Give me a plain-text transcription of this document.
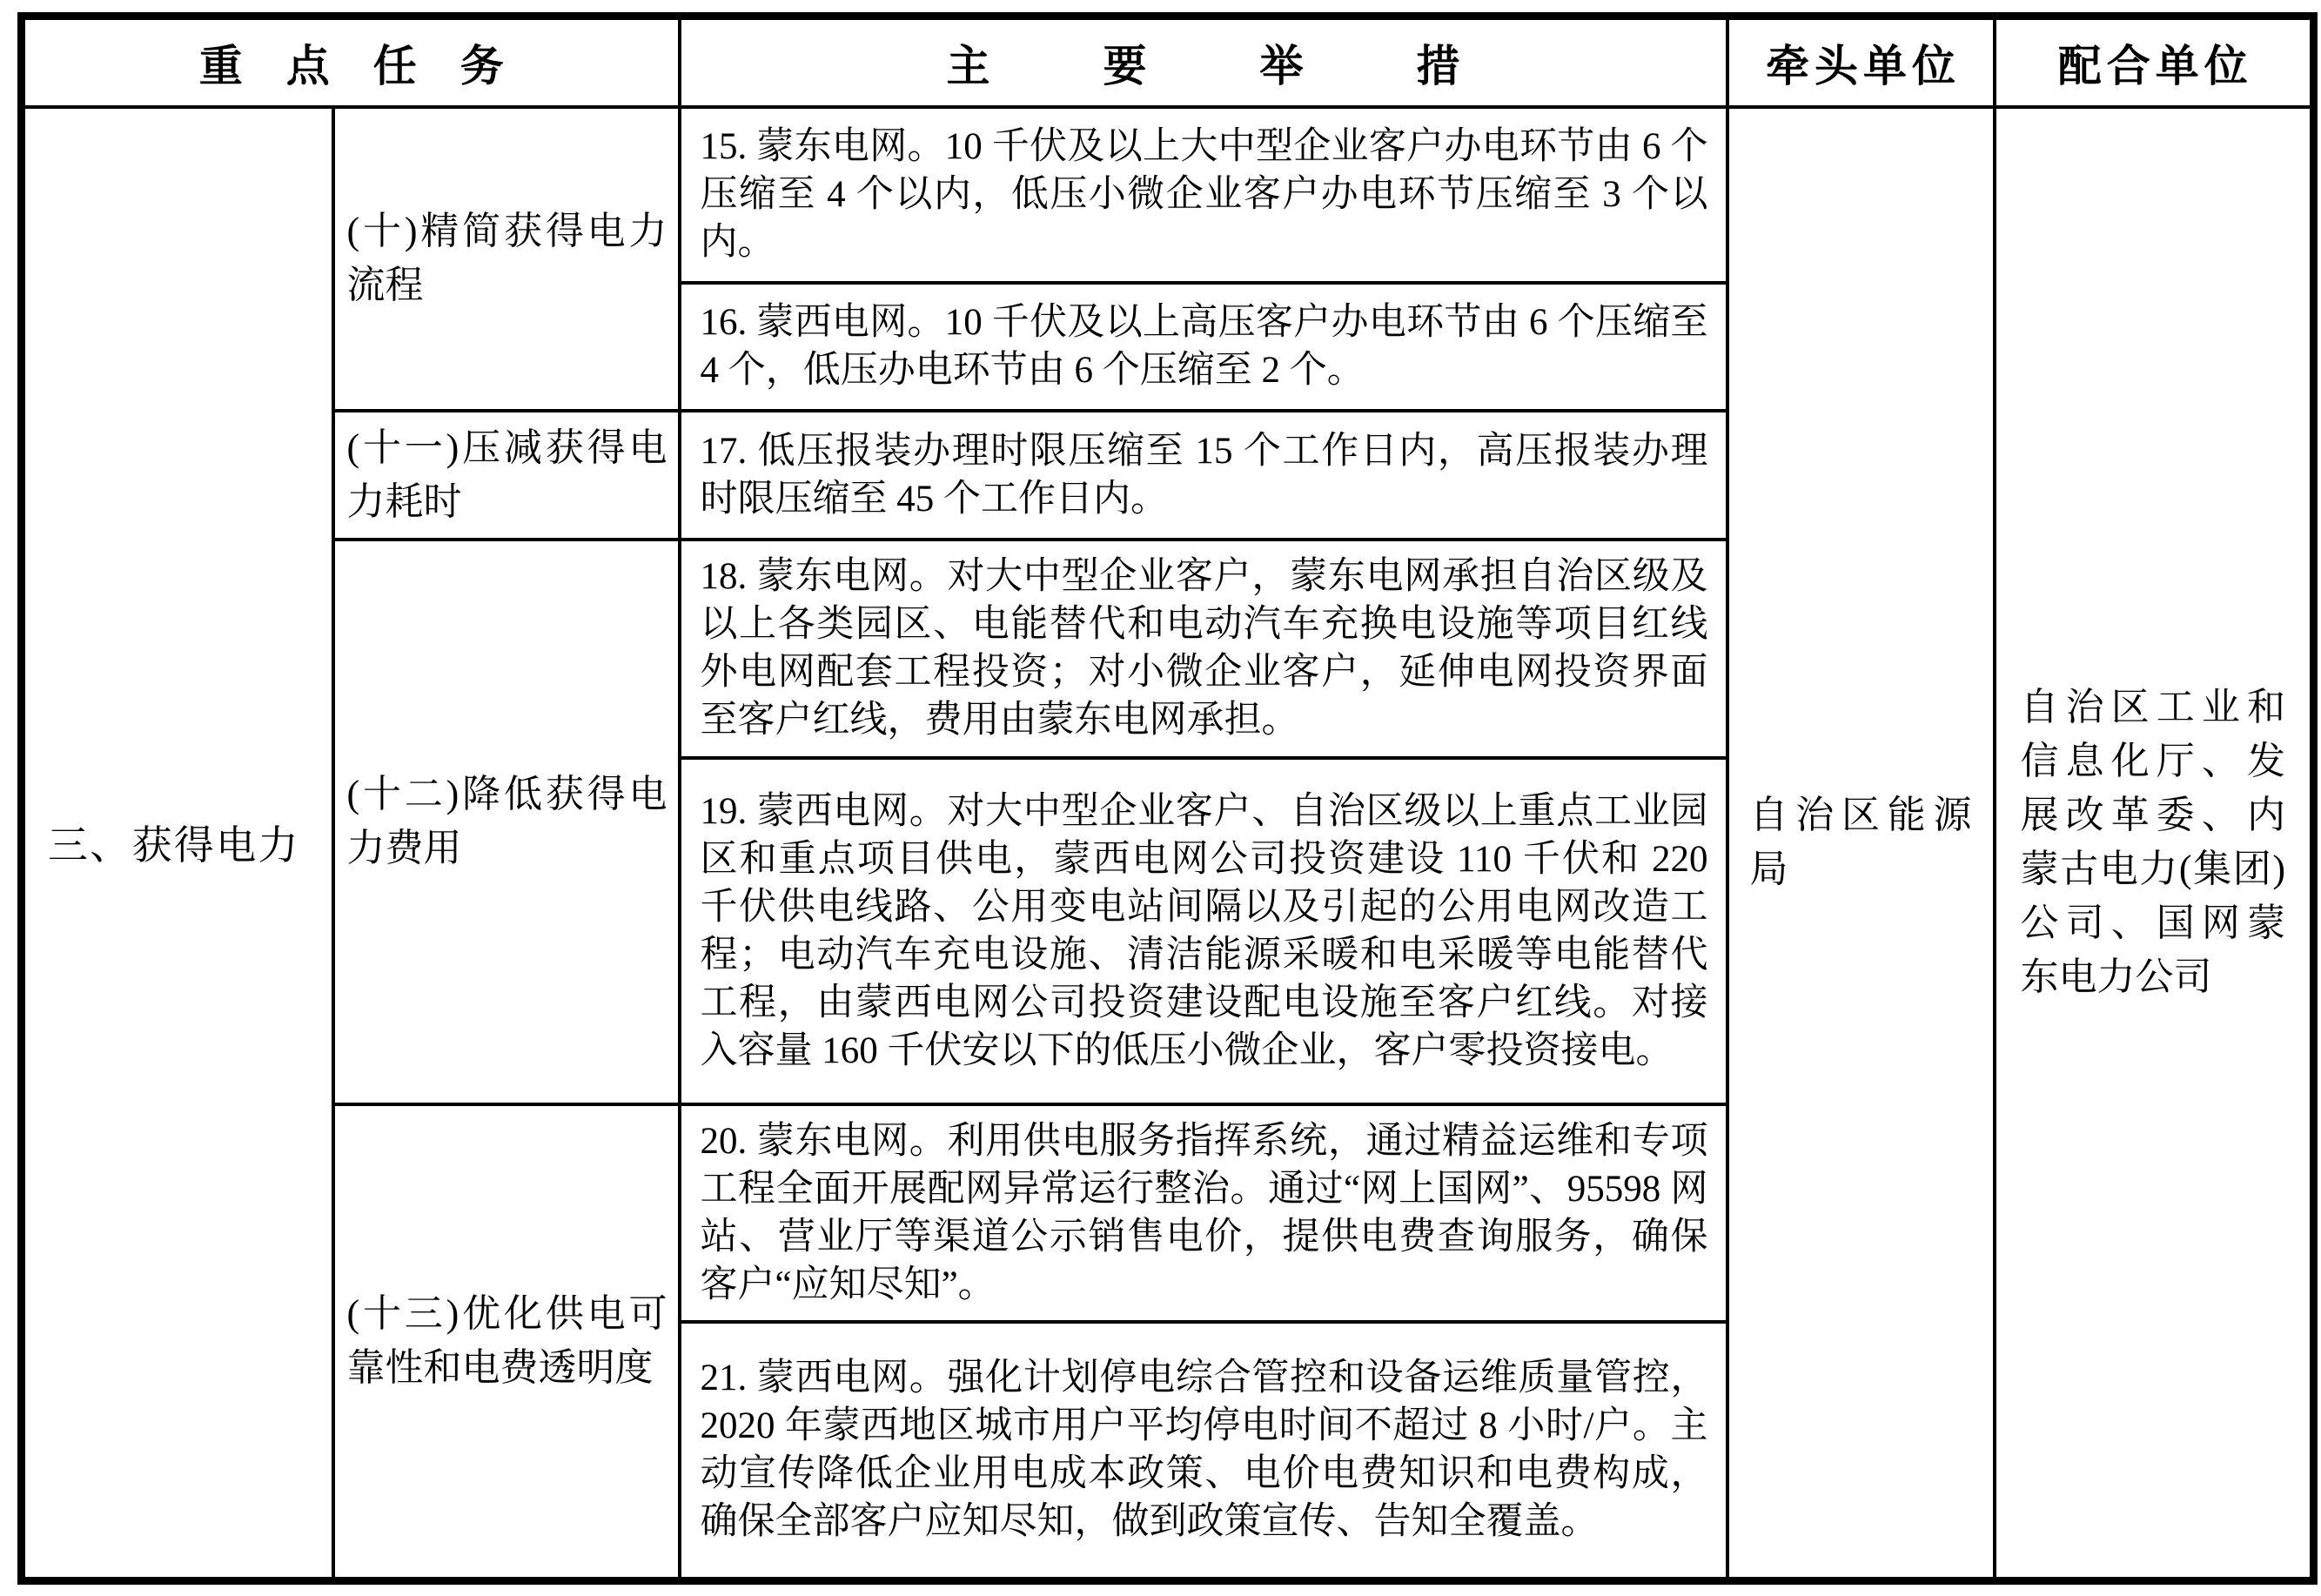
重点任务		主要举措	牵头单位	配合单位
三、获得电力	(十)精简获得电力流程	15. 蒙东电网。10 千伏及以上大中型企业客户办电环节由 6 个压缩至 4 个以内，低压小微企业客户办电环节压缩至 3 个以内。	自治区能源局	自治区工业和信息化厅、发展改革委、内蒙古电力(集团)公司、国网蒙东电力公司
		16. 蒙西电网。10 千伏及以上高压客户办电环节由 6 个压缩至 4 个，低压办电环节由 6 个压缩至 2 个。		
	(十一)压减获得电力耗时	17. 低压报装办理时限压缩至 15 个工作日内，高压报装办理时限压缩至 45 个工作日内。		
	(十二)降低获得电力费用	18. 蒙东电网。对大中型企业客户，蒙东电网承担自治区级及以上各类园区、电能替代和电动汽车充换电设施等项目红线外电网配套工程投资；对小微企业客户，延伸电网投资界面至客户红线，费用由蒙东电网承担。		
		19. 蒙西电网。对大中型企业客户、自治区级以上重点工业园区和重点项目供电，蒙西电网公司投资建设 110 千伏和 220 千伏供电线路、公用变电站间隔以及引起的公用电网改造工程；电动汽车充电设施、清洁能源采暖和电采暖等电能替代工程，由蒙西电网公司投资建设配电设施至客户红线。对接入容量 160 千伏安以下的低压小微企业，客户零投资接电。		
	(十三)优化供电可靠性和电费透明度	20. 蒙东电网。利用供电服务指挥系统，通过精益运维和专项工程全面开展配网异常运行整治。通过“网上国网”、95598 网站、营业厅等渠道公示销售电价，提供电费查询服务，确保客户“应知尽知”。		
		21. 蒙西电网。强化计划停电综合管控和设备运维质量管控，2020 年蒙西地区城市用户平均停电时间不超过 8 小时/户。主动宣传降低企业用电成本政策、电价电费知识和电费构成，确保全部客户应知尽知，做到政策宣传、告知全覆盖。		
